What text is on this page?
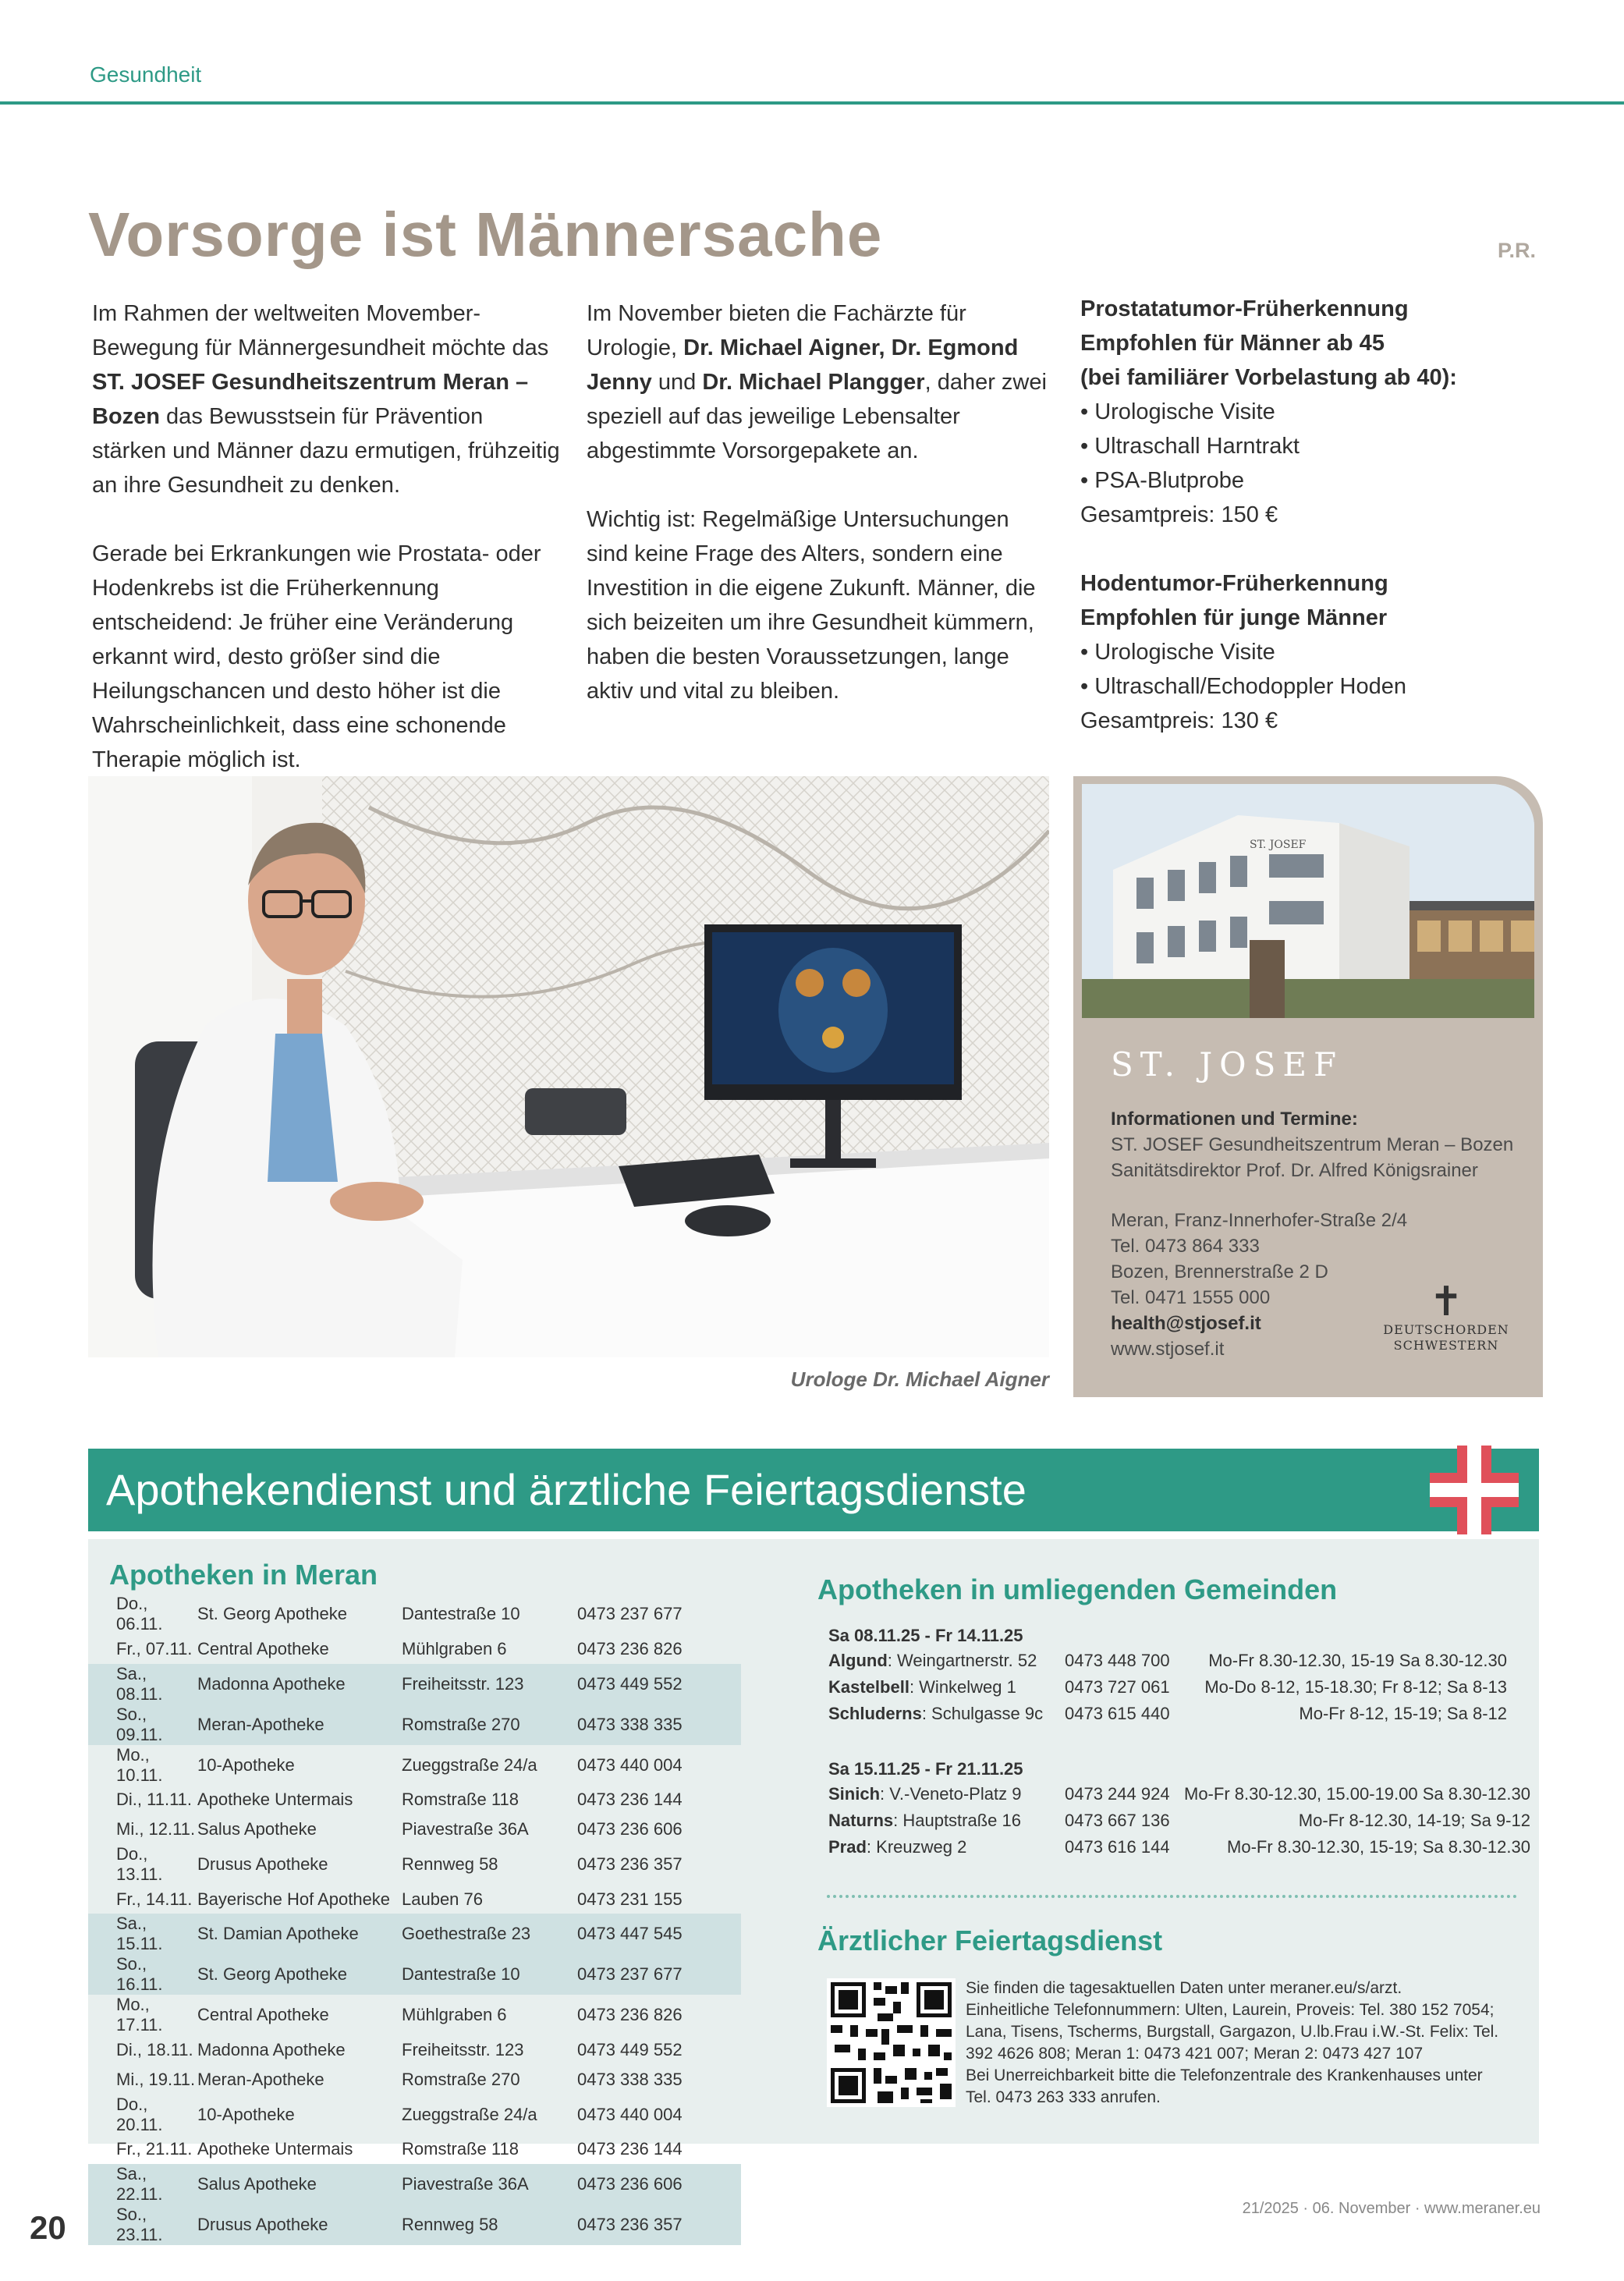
Gesundheit
Vorsorge ist Männersache	P.R.

Im Rahmen der weltweiten Movember-Bewegung für Männergesundheit möchte das ST. JOSEF Gesundheitszentrum Meran – Bozen das Bewusstsein für Prävention stärken und Männer dazu ermutigen, frühzeitig an ihre Gesundheit zu denken.

Gerade bei Erkrankungen wie Prostata- oder Hodenkrebs ist die Früherkennung entscheidend: Je früher eine Veränderung erkannt wird, desto größer sind die Heilungschancen und desto höher ist die Wahrscheinlichkeit, dass eine schonende Therapie möglich ist.

Im November bieten die Fachärzte für Urologie, Dr. Michael Aigner, Dr. Egmond Jenny und Dr. Michael Plangger, daher zwei speziell auf das jeweilige Lebensalter abgestimmte Vorsorgepakete an.

Wichtig ist: Regelmäßige Untersuchungen sind keine Frage des Alters, sondern eine Investition in die eigene Zukunft. Männer, die sich beizeiten um ihre Gesundheit kümmern, haben die besten Voraussetzungen, lange aktiv und vital zu bleiben.

Prostatatumor-Früherkennung
Empfohlen für Männer ab 45
(bei familiärer Vorbelastung ab 40):
• Urologische Visite
• Ultraschall Harntrakt
• PSA-Blutprobe
Gesamtpreis: 150 €
Hodentumor-Früherkennung
Empfohlen für junge Männer
• Urologische Visite
• Ultraschall/Echodoppler Hoden
Gesamtpreis: 130 €
Urologe Dr. Michael Aigner
ST. JOSEF
ST. JOSEF
Informationen und Termine:
ST. JOSEF Gesundheitszentrum Meran – Bozen
Sanitätsdirektor Prof. Dr. Alfred Königsrainer
Meran, Franz-Innerhofer-Straße 2/4
Tel. 0473 864 333
Bozen, Brennerstraße 2 D
Tel. 0471 1555 000
health@stjosef.it
www.stjosef.it
✝
DEUTSCHORDEN
SCHWESTERN
Apothekendienst und ärztliche Feiertagsdienste
Apotheken in Meran
Do., 06.11.	St. Georg Apotheke	Dantestraße 10	0473 237 677
Fr., 07.11.	Central Apotheke	Mühlgraben 6	0473 236 826
Sa., 08.11.	Madonna Apotheke	Freiheitsstr. 123	0473 449 552
So., 09.11.	Meran-Apotheke	Romstraße 270	0473 338 335
Mo., 10.11.	10-Apotheke	Zueggstraße 24/a	0473 440 004
Di., 11.11.	Apotheke Untermais	Romstraße 118	0473 236 144
Mi., 12.11.	Salus Apotheke	Piavestraße 36A	0473 236 606
Do., 13.11.	Drusus Apotheke	Rennweg 58	0473 236 357
Fr., 14.11.	Bayerische Hof Apotheke	Lauben 76	0473 231 155
Sa., 15.11.	St. Damian Apotheke	Goethestraße 23	0473 447 545
So., 16.11.	St. Georg Apotheke	Dantestraße 10	0473 237 677
Mo., 17.11.	Central Apotheke	Mühlgraben 6	0473 236 826
Di., 18.11.	Madonna Apotheke	Freiheitsstr. 123	0473 449 552
Mi., 19.11.	Meran-Apotheke	Romstraße 270	0473 338 335
Do., 20.11.	10-Apotheke	Zueggstraße 24/a	0473 440 004
Fr., 21.11.	Apotheke Untermais	Romstraße 118	0473 236 144
Sa., 22.11.	Salus Apotheke	Piavestraße 36A	0473 236 606
So., 23.11.	Drusus Apotheke	Rennweg 58	0473 236 357
Apotheken in umliegenden Gemeinden
Sa 08.11.25 - Fr 14.11.25
Algund: Weingartnerstr. 52	0473 448 700	Mo-Fr 8.30-12.30, 15-19 Sa 8.30-12.30
Kastelbell: Winkelweg 1	0473 727 061	Mo-Do 8-12, 15-18.30; Fr 8-12; Sa 8-13
Schluderns: Schulgasse 9c	0473 615 440	Mo-Fr 8-12, 15-19; Sa 8-12
Sa 15.11.25 - Fr 21.11.25
Sinich: V.-Veneto-Platz 9	0473 244 924	Mo-Fr 8.30-12.30, 15.00-19.00 Sa 8.30-12.30
Naturns: Hauptstraße 16	0473 667 136	Mo-Fr 8-12.30, 14-19; Sa 9-12
Prad: Kreuzweg 2	0473 616 144	Mo-Fr 8.30-12.30, 15-19; Sa 8.30-12.30
Ärztlicher Feiertagsdienst

Sie finden die tagesaktuellen Daten unter meraner.eu/s/arzt.

Einheitliche Telefonnummern: Ulten, Laurein, Proveis: Tel. 380 152 7054; Lana, Tisens, Tscherms, Burgstall, Gargazon, U.lb.Frau i.W.-St. Felix: Tel. 392 4626 808; Meran 1: 0473 421 007; Meran 2: 0473 427 107

Bei Unerreichbarkeit bitte die Telefonzentrale des Krankenhauses unter Tel. 0473 263 333 anrufen.

20
21/2025 · 06. November · www.meraner.eu
